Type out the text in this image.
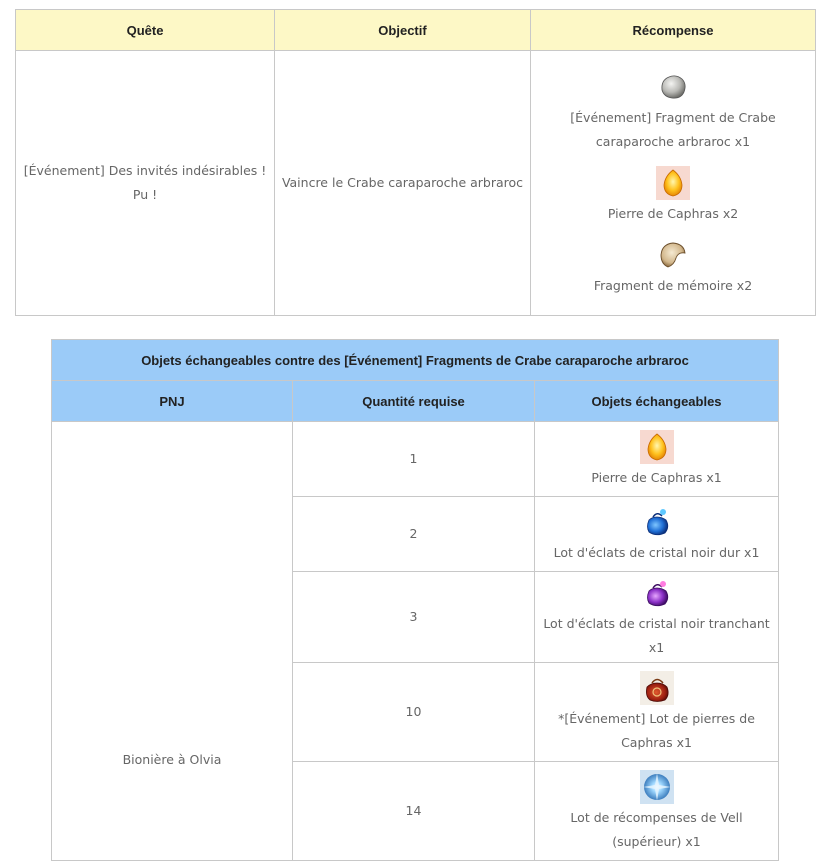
Quête	Objectif	Récompense
[Événement] Des invités indésirables ! Pu !	Vaincre le Crabe caraparoche arbraroc	[Événement] Fragment de Crabe caraparoche arbraroc x1
Pierre de Caphras x2
Fragment de mémoire x2
Objets échangeables contre des [Événement] Fragments de Crabe caraparoche arbraroc		
PNJ	Quantité requise	Objets échangeables
Bionière à Olvia	1	Pierre de Caphras x1

	2	Lot d'éclats de cristal noir dur x1

	3	Lot d'éclats de cristal noir tranchant x1

	10	*[Événement] Lot de pierres de Caphras x1

	14	Lot de récompenses de Vell (supérieur) x1
